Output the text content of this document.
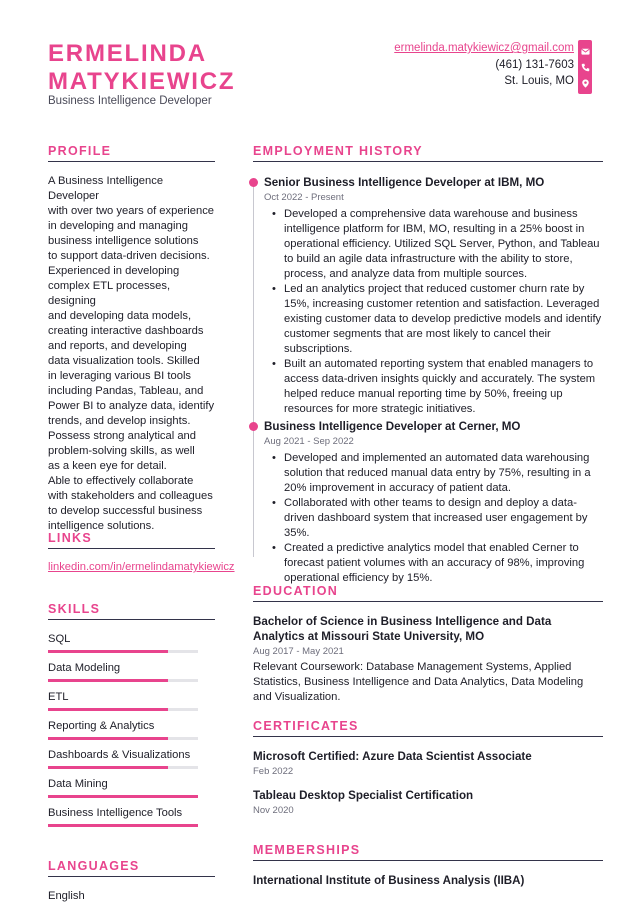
ERMELINDA
MATYKIEWICZ
Business Intelligence Developer
ermelinda.matykiewicz@gmail.com
(461) 131-7603
St. Louis, MO
PROFILE
A Business Intelligence Developer
with over two years of experience
in developing and managing
business intelligence solutions
to support data-driven decisions.
Experienced in developing
complex ETL processes, designing
and developing data models,
creating interactive dashboards
and reports, and developing
data visualization tools. Skilled
in leveraging various BI tools
including Pandas, Tableau, and
Power BI to analyze data, identify
trends, and develop insights.
Possess strong analytical and
problem-solving skills, as well
as a keen eye for detail.
Able to effectively collaborate
with stakeholders and colleagues
to develop successful business
intelligence solutions.
LINKS
linkedin.com/in/ermelindamatykiewicz
SKILLS
SQL
Data Modeling
ETL
Reporting & Analytics
Dashboards & Visualizations
Data Mining
Business Intelligence Tools
LANGUAGES
English
EMPLOYMENT HISTORY
Senior Business Intelligence Developer at IBM, MO
Oct 2022 - Present
• Developed a comprehensive data warehouse and business intelligence platform for IBM, MO, resulting in a 25% boost in operational efficiency. Utilized SQL Server, Python, and Tableau to build an agile data infrastructure with the ability to store, process, and analyze data from multiple sources.
• Led an analytics project that reduced customer churn rate by 15%, increasing customer retention and satisfaction. Leveraged existing customer data to develop predictive models and identify customer segments that are most likely to cancel their subscriptions.
• Built an automated reporting system that enabled managers to access data-driven insights quickly and accurately. The system helped reduce manual reporting time by 50%, freeing up resources for more strategic initiatives.
Business Intelligence Developer at Cerner, MO
Aug 2021 - Sep 2022
• Developed and implemented an automated data warehousing solution that reduced manual data entry by 75%, resulting in a 20% improvement in accuracy of patient data.
• Collaborated with other teams to design and deploy a data-driven dashboard system that increased user engagement by 35%.
• Created a predictive analytics model that enabled Cerner to forecast patient volumes with an accuracy of 98%, improving operational efficiency by 15%.
EDUCATION
Bachelor of Science in Business Intelligence and Data Analytics at Missouri State University, MO
Aug 2017 - May 2021
Relevant Coursework: Database Management Systems, Applied Statistics, Business Intelligence and Data Analytics, Data Modeling and Visualization.
CERTIFICATES
Microsoft Certified: Azure Data Scientist Associate
Feb 2022
Tableau Desktop Specialist Certification
Nov 2020
MEMBERSHIPS
International Institute of Business Analysis (IIBA)
